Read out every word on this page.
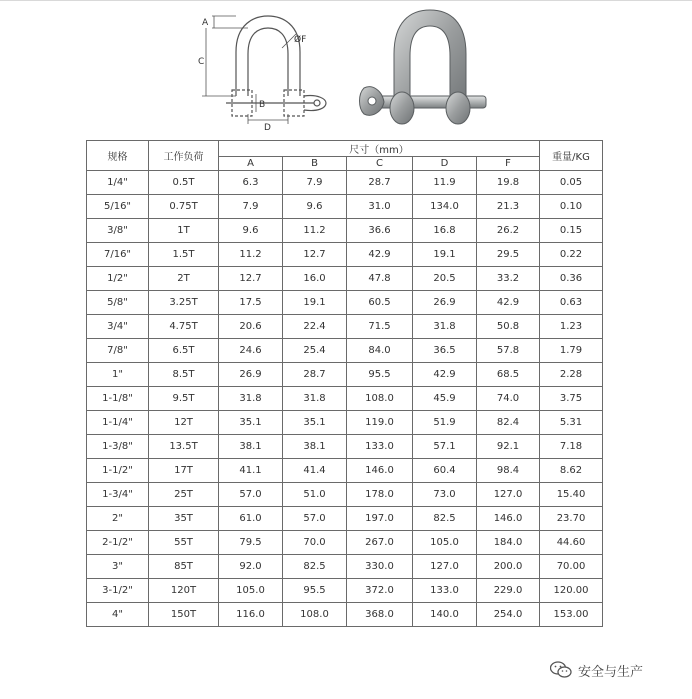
A
C
ØF
B
D
规格	工作负荷	尺寸（mm）					重量/KG
		A	B	C	D	F	
1/4"	0.5T	6.3	7.9	28.7	11.9	19.8	0.05
5/16"	0.75T	7.9	9.6	31.0	134.0	21.3	0.10
3/8"	1T	9.6	11.2	36.6	16.8	26.2	0.15
7/16"	1.5T	11.2	12.7	42.9	19.1	29.5	0.22
1/2"	2T	12.7	16.0	47.8	20.5	33.2	0.36
5/8"	3.25T	17.5	19.1	60.5	26.9	42.9	0.63
3/4"	4.75T	20.6	22.4	71.5	31.8	50.8	1.23
7/8"	6.5T	24.6	25.4	84.0	36.5	57.8	1.79
1"	8.5T	26.9	28.7	95.5	42.9	68.5	2.28
1-1/8"	9.5T	31.8	31.8	108.0	45.9	74.0	3.75
1-1/4"	12T	35.1	35.1	119.0	51.9	82.4	5.31
1-3/8"	13.5T	38.1	38.1	133.0	57.1	92.1	7.18
1-1/2"	17T	41.1	41.4	146.0	60.4	98.4	8.62
1-3/4"	25T	57.0	51.0	178.0	73.0	127.0	15.40
2"	35T	61.0	57.0	197.0	82.5	146.0	23.70
2-1/2"	55T	79.5	70.0	267.0	105.0	184.0	44.60
3"	85T	92.0	82.5	330.0	127.0	200.0	70.00
3-1/2"	120T	105.0	95.5	372.0	133.0	229.0	120.00
4"	150T	116.0	108.0	368.0	140.0	254.0	153.00
安全与生产
